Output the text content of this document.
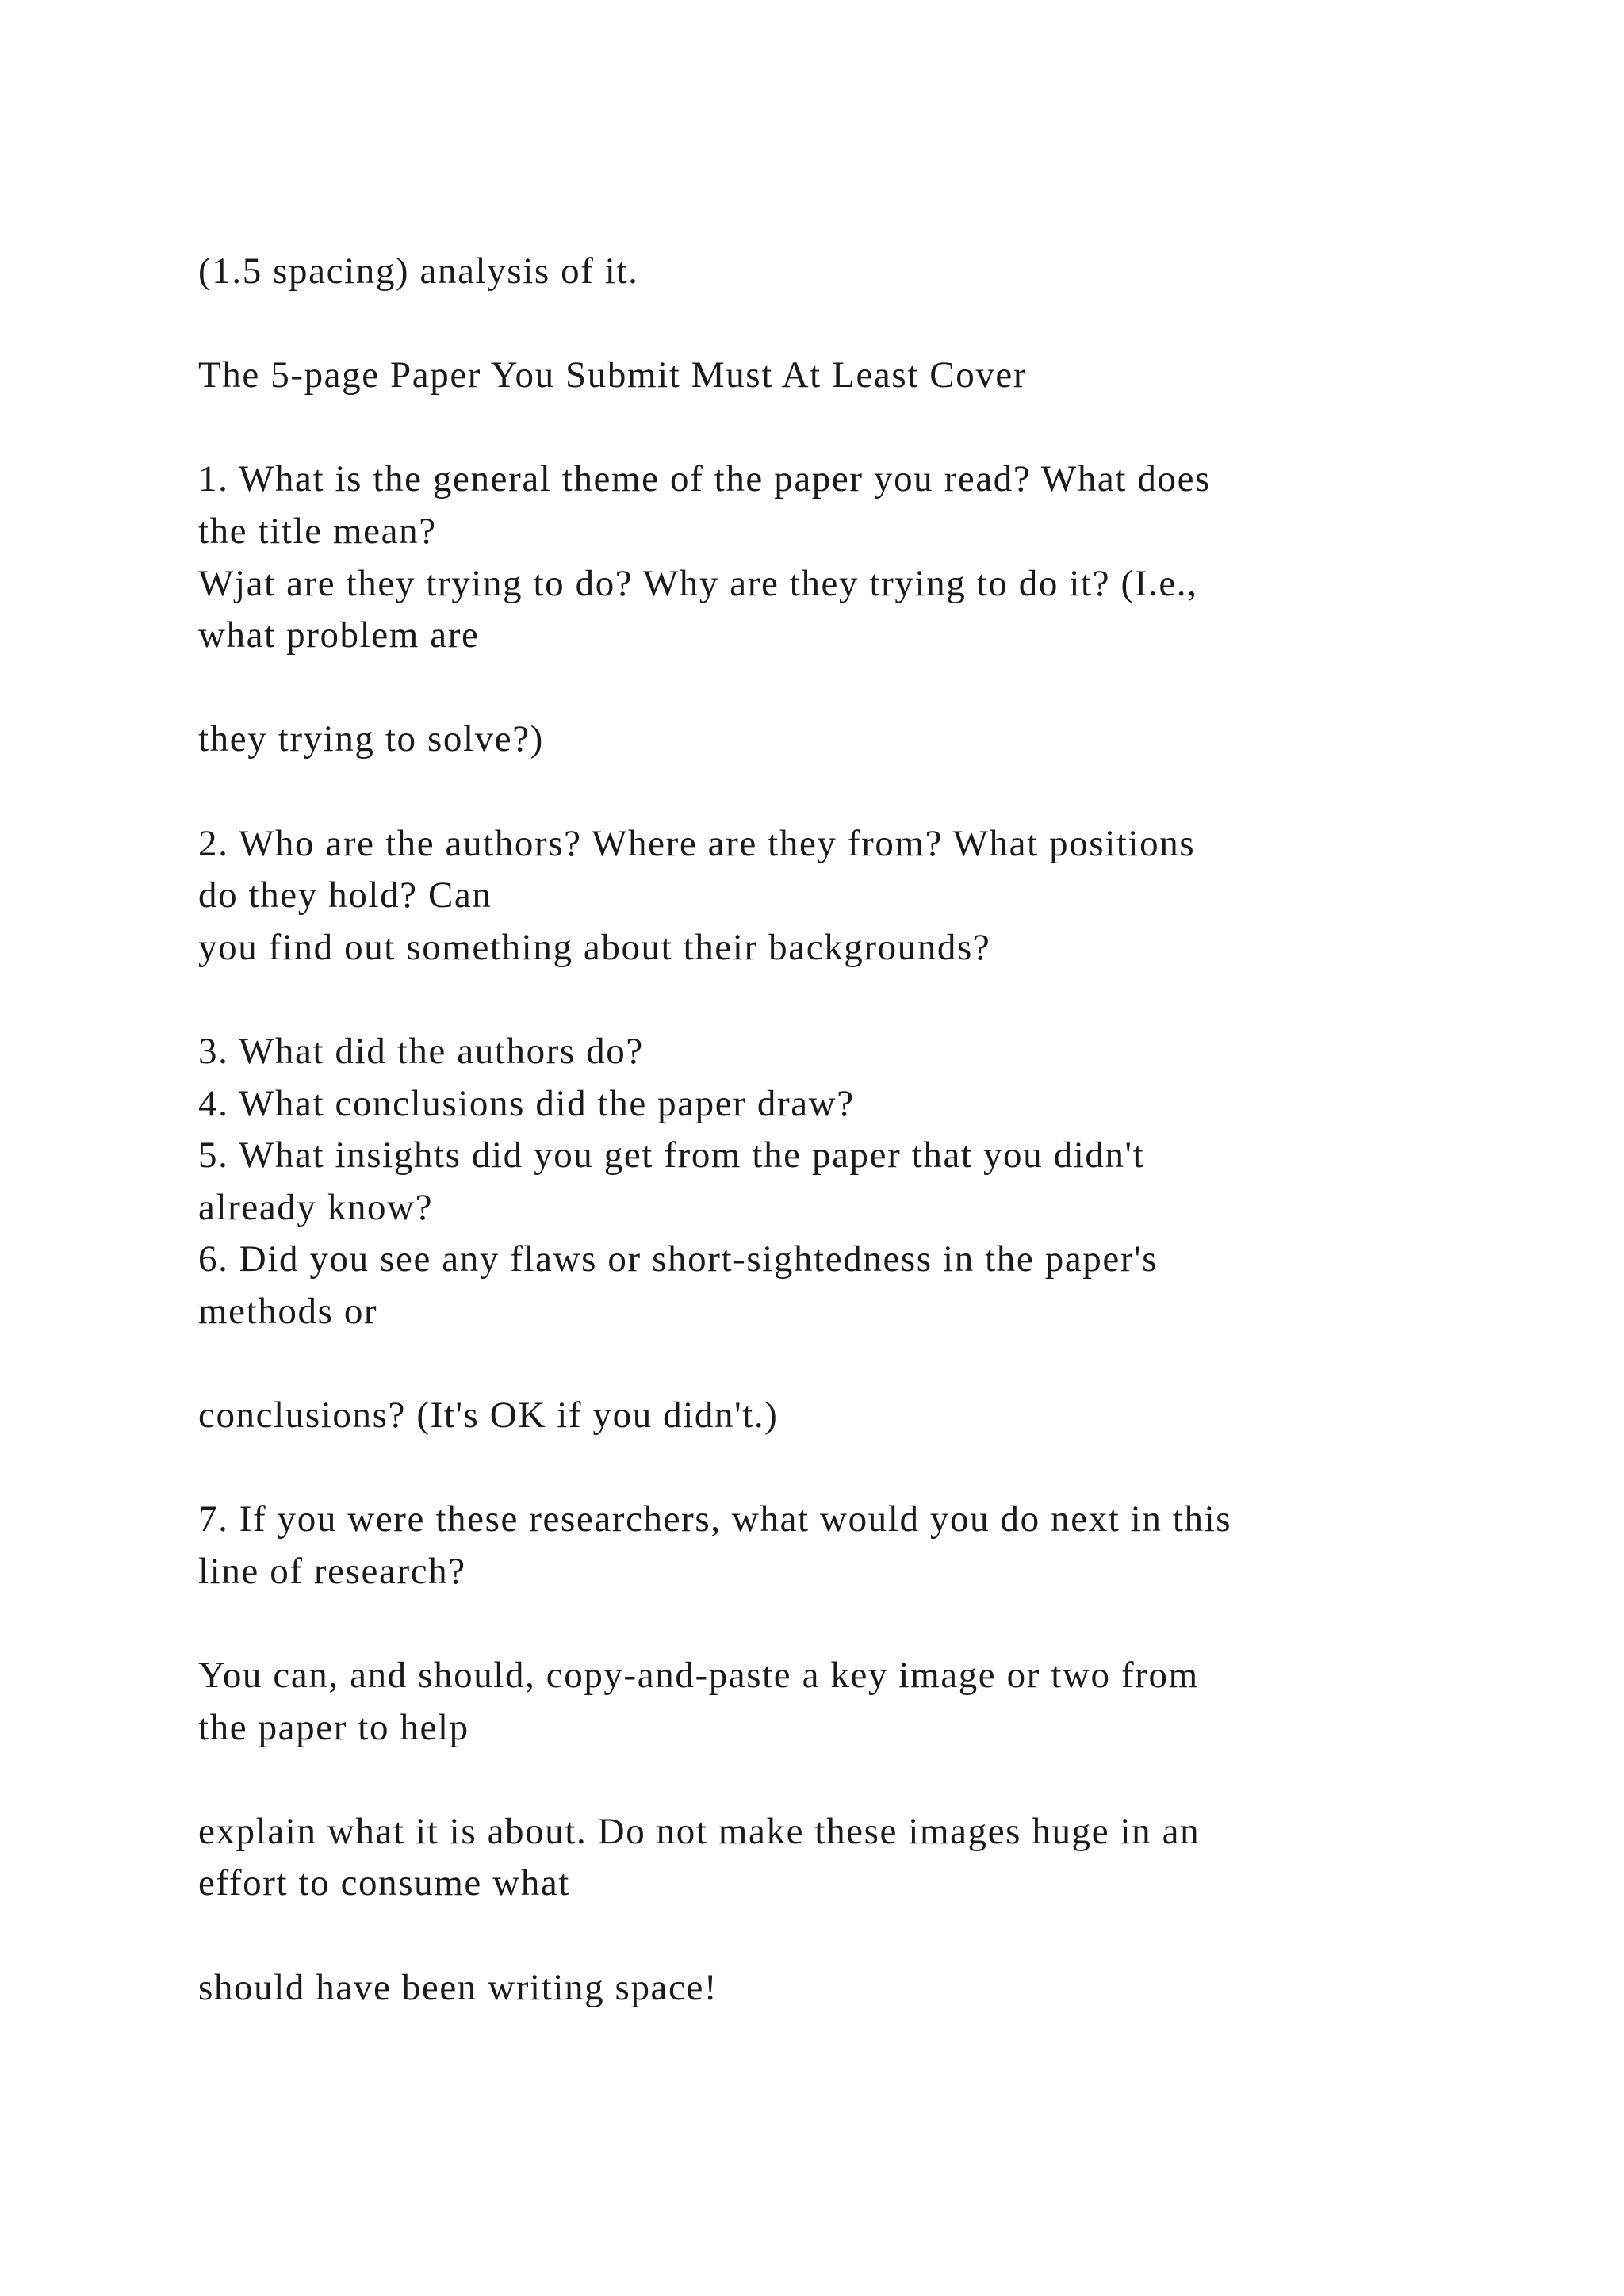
(1.5 spacing) analysis of it.
The 5-page Paper You Submit Must At Least Cover
1. What is the general theme of the paper you read? What does
the title mean?
Wjat are they trying to do? Why are they trying to do it? (I.e.,
what problem are
they trying to solve?)
2. Who are the authors? Where are they from? What positions
do they hold? Can
you find out something about their backgrounds?
3. What did the authors do?
4. What conclusions did the paper draw?
5. What insights did you get from the paper that you didn't
already know?
6. Did you see any flaws or short-sightedness in the paper's
methods or
conclusions? (It's OK if you didn't.)
7. If you were these researchers, what would you do next in this
line of research?
You can, and should, copy-and-paste a key image or two from
the paper to help
explain what it is about. Do not make these images huge in an
effort to consume what
should have been writing space!
